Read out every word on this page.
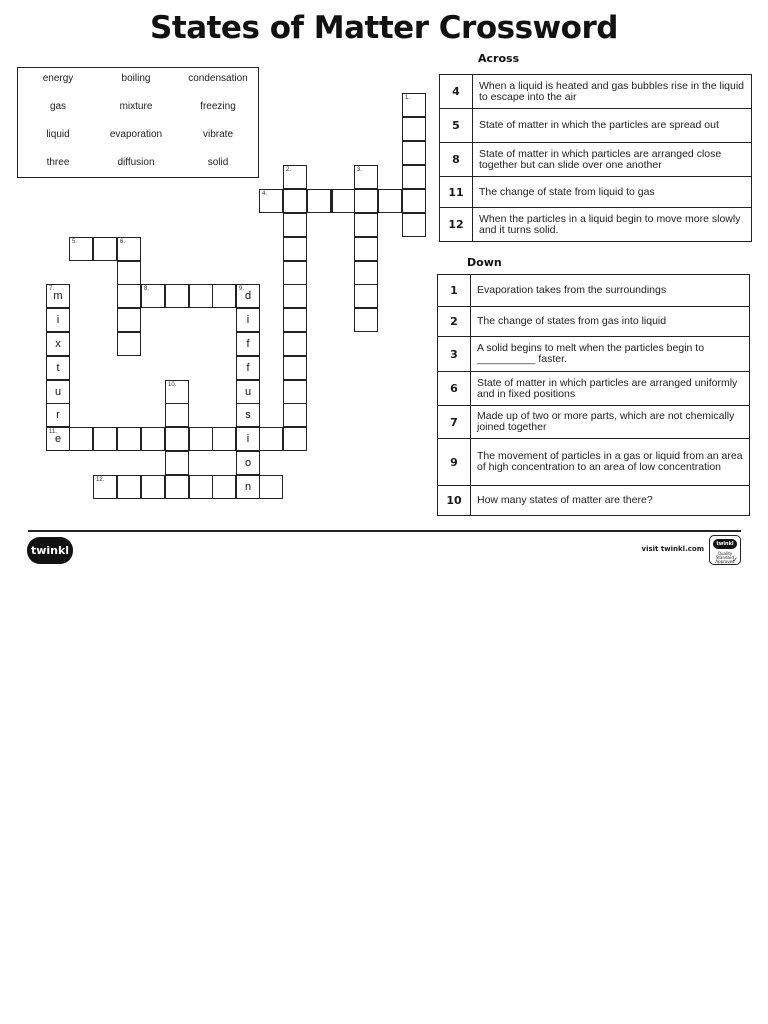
States of Matter Crossword
energy	boiling	condensation
gas	mixture	freezing
liquid	evaporation	vibrate
three	diffusion	solid
1.
4.
2.	3.
5.	6.
8.
7.
m
i
x
t
u
r
11.
e
9.
d
i
f
f
u
s
i
o
n
10.
12.
Across
4	When a liquid is heated and gas bubbles rise in the liquid to escape into the air
5	State of matter in which the particles are spread out
8	State of matter in which particles are arranged close together but can slide over one another
11	The change of state from liquid to gas
12	When the particles in a liquid begin to move more slowly and it turns solid.
Down
1	Evaporation takes from the surroundings
2	The change of states from gas into liquid
3	A solid begins to melt when the particles begin to __________ faster.
6	State of matter in which particles are arranged uniformly and in fixed positions
7	Made up of two or more parts, which are not chemically joined together
9	The movement of particles in a gas or liquid from an area of high concentration to an area of low concentration
10	How many states of matter are there?
twinkl	visit twinkl.com
twinkl
Quality Standard Approved
✓
